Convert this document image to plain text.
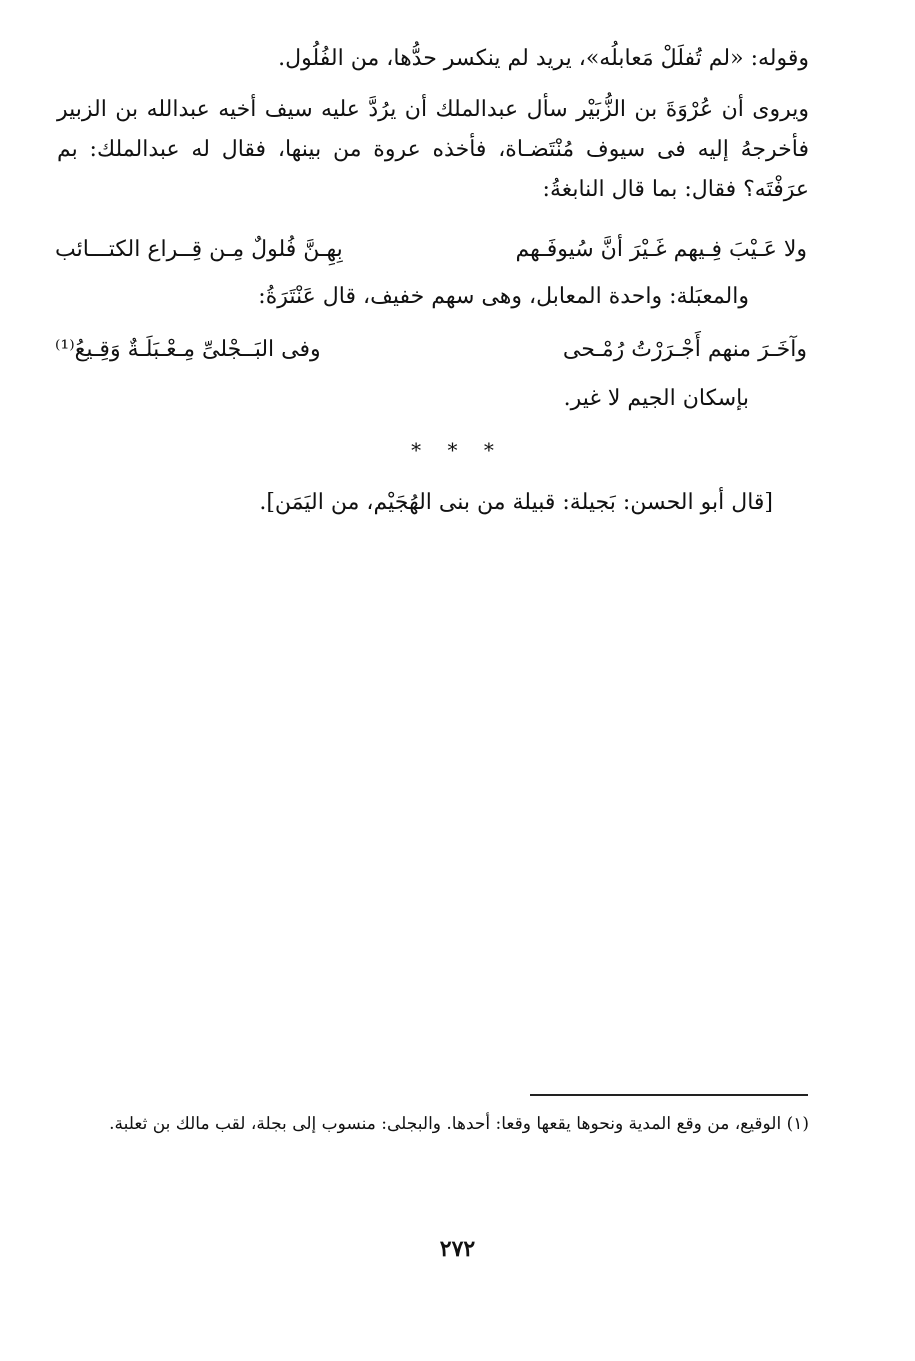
وقوله: «لم تُفلَلْ مَعابلُه»، يريد لم ينكسر حدُّها، من الفُلُول.
ويروى أن عُرْوَةَ بن الزُّبَيْر سأل عبدالملك أن يرُدَّ عليه سيف أخيه عبدالله بن الزبير فأخرجهُ إليه فى سيوف مُنْتَضـاة، فأخذه عروة من بينها، فقال له عبدالملك: بم عرَفْتَه؟ فقال: بما قال النابغةُ:
ولا عَـيْبَ فِـيهم غَـيْرَ أنَّ سُيوفَـهم
بِهِـنَّ فُلولٌ مِـن قِــراع الكتـــائب
والمعبَلة: واحدة المعابل، وهى سهم خفيف، قال عَنْتَرَةُ:
وآخَـرَ منهم أَجْـرَرْتُ رُمْـحى
وفى البَــجْلىِّ مِـعْـبَلَـةٌ وَقِـيعُ⁽¹⁾
بإسكان الجيم لا غير.
* * *
[قال أبو الحسن: بَجيلة: قبيلة من بنى الهُجَيْم، من اليَمَن].
(١) الوقيع، من وقع المدية ونحوها يقعها وقعا: أحدها. والبجلى: منسوب إلى بجلة، لقب مالك بن ثعلبة.
٢٧٢
